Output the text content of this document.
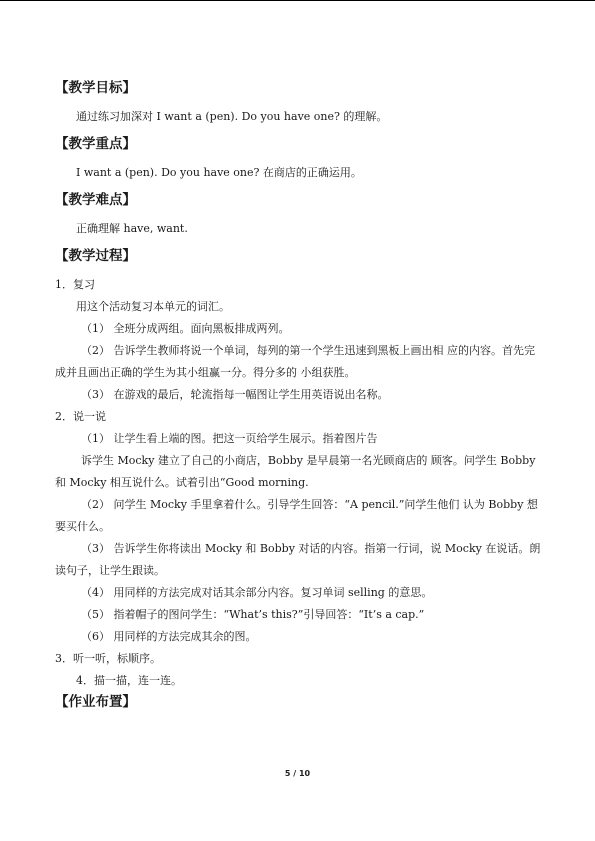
【教学目标】
通过练习加深对 I want a (pen). Do you have one? 的理解。
【教学重点】
I want a (pen). Do you have one? 在商店的正确运用。
【教学难点】
正确理解 have, want.
【教学过程】
1．复习
用这个活动复习本单元的词汇。
（1） 全班分成两组。面向黑板排成两列。
（2） 告诉学生教师将说一个单词，每列的第一个学生迅速到黑板上画出相 应的内容。首先完成并且画出正确的学生为其小组赢一分。得分多的 小组获胜。
（3） 在游戏的最后，轮流指每一幅图让学生用英语说出名称。
2．说一说
（1） 让学生看上端的图。把这一页给学生展示。指着图片告
诉学生 Mocky 建立了自己的小商店，Bobby 是早晨第一名光顾商店的 顾客。问学生 Bobby 和 Mocky 相互说什么。试着引出“Good morning.
（2） 问学生 Mocky 手里拿着什么。引导学生回答：“A pencil.”问学生他们 认为 Bobby 想要买什么。
（3） 告诉学生你将读出 Mocky 和 Bobby 对话的内容。指第一行词，说 Mocky 在说话。朗读句子，让学生跟读。
（4） 用同样的方法完成对话其余部分内容。复习单词 selling 的意思。
（5） 指着帽子的图问学生：“What’s this?”引导回答：“It’s a cap.”
（6） 用同样的方法完成其余的图。
3．听一听，标顺序。
4．描一描，连一连。
【作业布置】
5 / 10
